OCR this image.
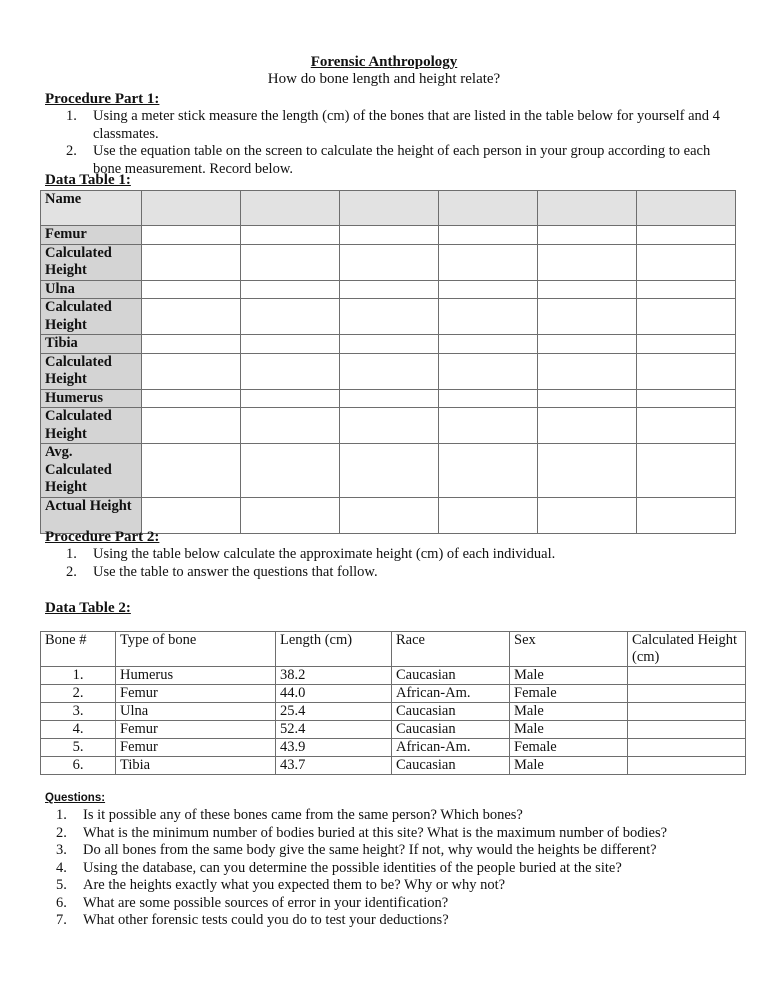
Forensic Anthropology
How do bone length and height relate?
Procedure Part 1:
1. Using a meter stick measure the length (cm) of the bones that are listed in the table below for yourself and 4 classmates.
2. Use the equation table on the screen to calculate the height of each person in your group according to each bone measurement. Record below.
Data Table 1:
Name						
Femur						
Calculated Height						
Ulna						
Calculated Height						
Tibia						
Calculated Height						
Humerus						
Calculated Height						
Avg. Calculated Height						
Actual Height						
Procedure Part 2:
1. Using the table below calculate the approximate height (cm) of each individual.
2. Use the table to answer the questions that follow.
Data Table 2:
Bone #	Type of bone	Length (cm)	Race	Sex	Calculated Height (cm)
1.	Humerus	38.2	Caucasian	Male	
2.	Femur	44.0	African-Am.	Female	
3.	Ulna	25.4	Caucasian	Male	
4.	Femur	52.4	Caucasian	Male	
5.	Femur	43.9	African-Am.	Female	
6.	Tibia	43.7	Caucasian	Male	
Questions:
1. Is it possible any of these bones came from the same person? Which bones?
2. What is the minimum number of bodies buried at this site? What is the maximum number of bodies?
3. Do all bones from the same body give the same height? If not, why would the heights be different?
4. Using the database, can you determine the possible identities of the people buried at the site?
5. Are the heights exactly what you expected them to be? Why or why not?
6. What are some possible sources of error in your identification?
7. What other forensic tests could you do to test your deductions?
